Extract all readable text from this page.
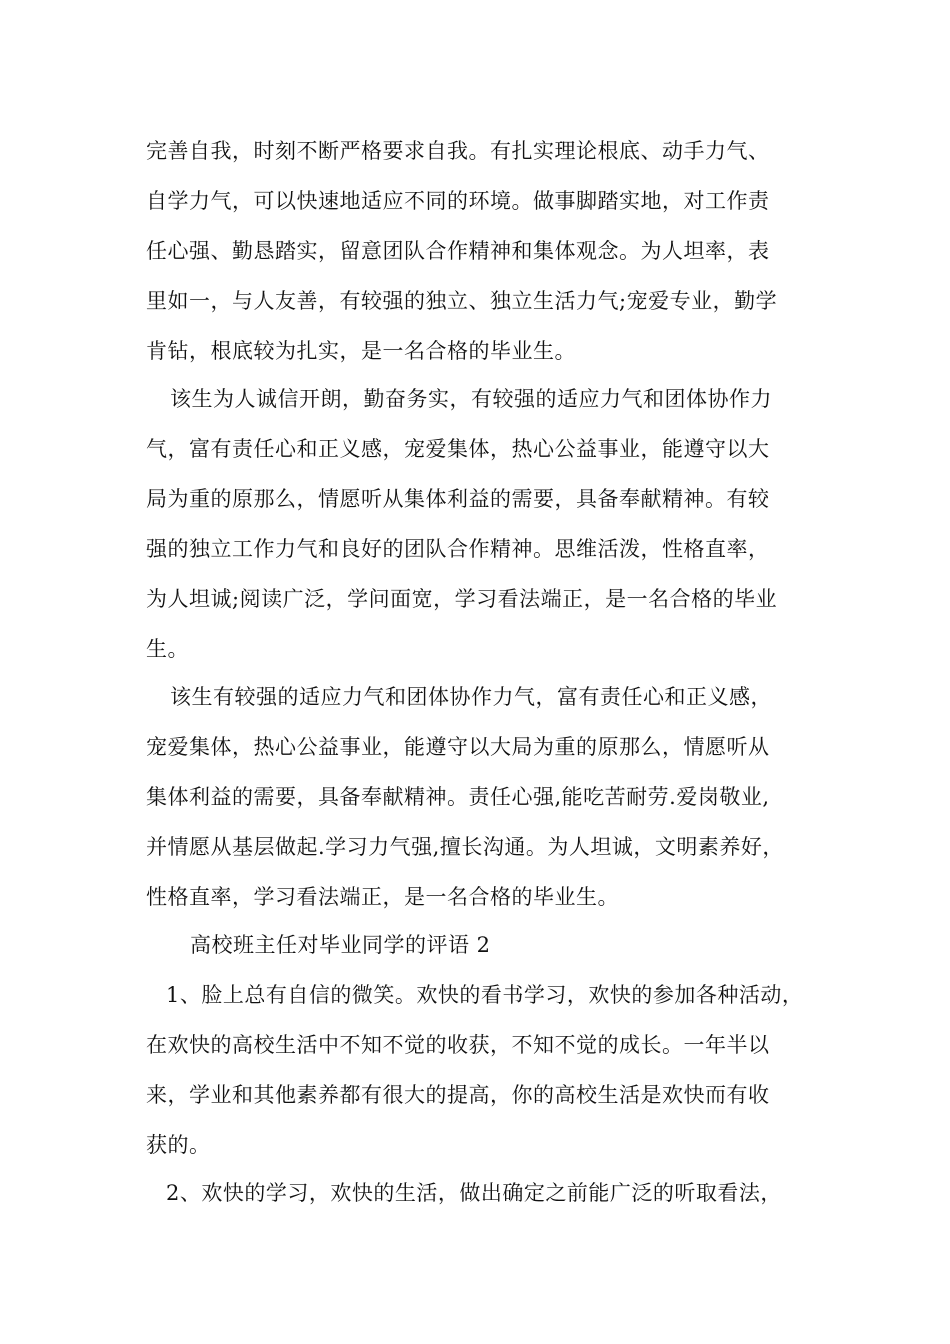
完善自我，时刻不断严格要求自我。有扎实理论根底、动手力气、
自学力气，可以快速地适应不同的环境。做事脚踏实地，对工作责
任心强、勤恳踏实，留意团队合作精神和集体观念。为人坦率，表
里如一，与人友善，有较强的独立、独立生活力气;宠爱专业，勤学
肯钻，根底较为扎实，是一名合格的毕业生。
该生为人诚信开朗，勤奋务实，有较强的适应力气和团体协作力
气，富有责任心和正义感，宠爱集体，热心公益事业，能遵守以大
局为重的原那么，情愿听从集体利益的需要，具备奉献精神。有较
强的独立工作力气和良好的团队合作精神。思维活泼，性格直率，
为人坦诚;阅读广泛，学问面宽，学习看法端正，是一名合格的毕业
生。
该生有较强的适应力气和团体协作力气，富有责任心和正义感，
宠爱集体，热心公益事业，能遵守以大局为重的原那么，情愿听从
集体利益的需要，具备奉献精神。责任心强,能吃苦耐劳.爱岗敬业,
并情愿从基层做起.学习力气强,擅长沟通。为人坦诚，文明素养好，
性格直率，学习看法端正，是一名合格的毕业生。
高校班主任对毕业同学的评语 2
1、脸上总有自信的微笑。欢快的看书学习，欢快的参加各种活动，
在欢快的高校生活中不知不觉的收获，不知不觉的成长。一年半以
来，学业和其他素养都有很大的提高，你的高校生活是欢快而有收
获的。
2、欢快的学习，欢快的生活，做出确定之前能广泛的听取看法，
